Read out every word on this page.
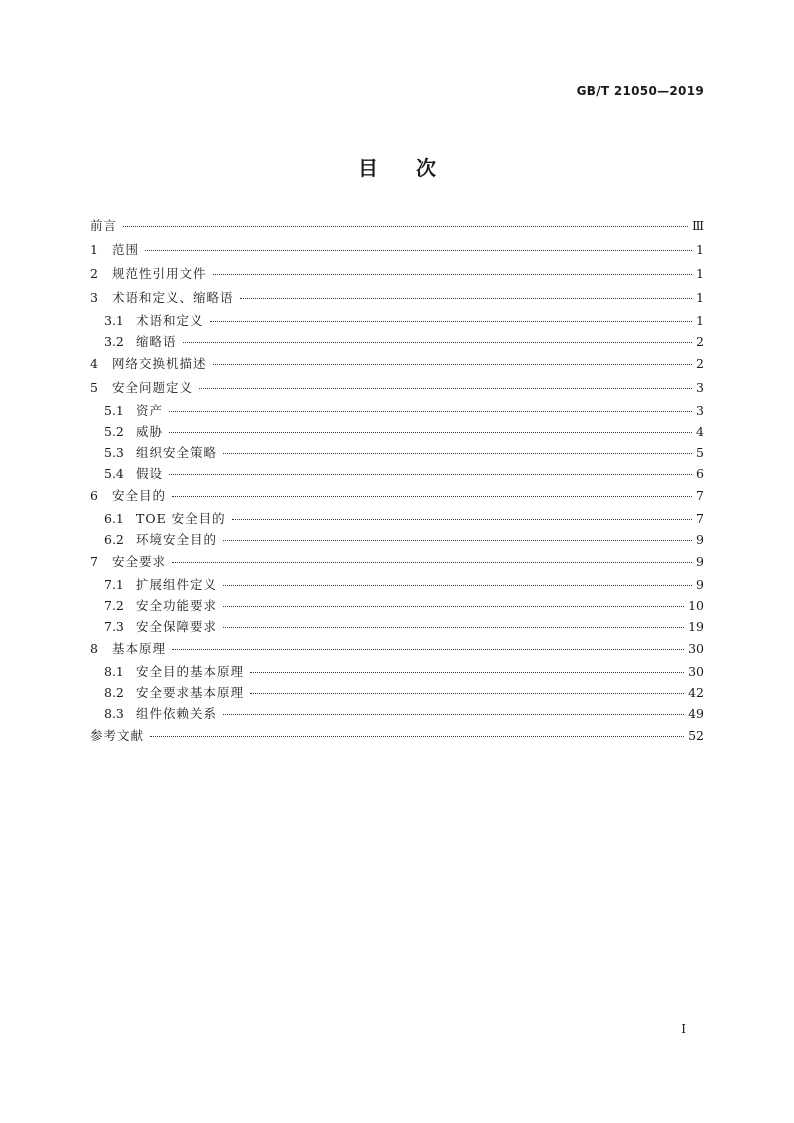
GB/T 21050—2019
目次
前言	Ⅲ
1	范围	1
2	规范性引用文件	1
3	术语和定义、缩略语	1
3.1 术语和定义	1
3.2 缩略语	2
4	网络交换机描述	2
5	安全问题定义	3
5.1 资产	3
5.2 威胁	4
5.3 组织安全策略	5
5.4 假设	6
6	安全目的	7
6.1 TOE 安全目的	7
6.2 环境安全目的	9
7	安全要求	9
7.1 扩展组件定义	9
7.2 安全功能要求	10
7.3 安全保障要求	19
8	基本原理	30
8.1 安全目的基本原理	30
8.2 安全要求基本原理	42
8.3 组件依赖关系	49
参考文献	52
I
